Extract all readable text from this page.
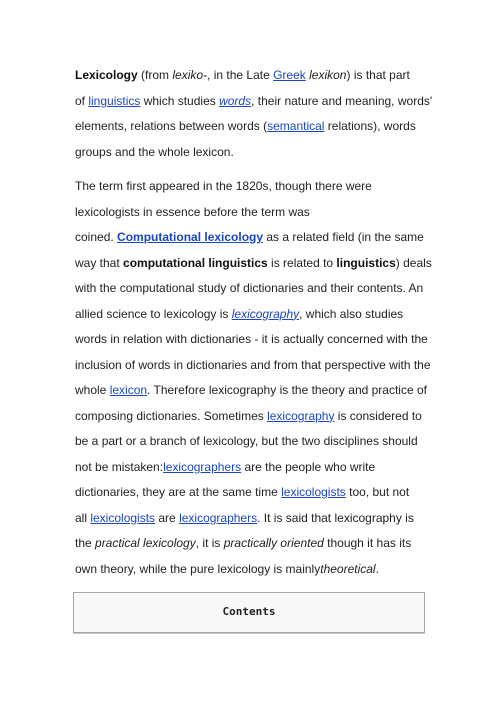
Lexicology (from lexiko-, in the Late Greek lexikon) is that part
of linguistics which studies words, their nature and meaning, words'
elements, relations between words (semantical relations), words
groups and the whole lexicon.

The term first appeared in the 1820s, though there were
lexicologists in essence before the term was
coined. Computational lexicology as a related field (in the same
way that computational linguistics is related to linguistics) deals
with the computational study of dictionaries and their contents. An
allied science to lexicology is lexicography, which also studies
words in relation with dictionaries - it is actually concerned with the
inclusion of words in dictionaries and from that perspective with the
whole lexicon. Therefore lexicography is the theory and practice of
composing dictionaries. Sometimes lexicography is considered to
be a part or a branch of lexicology, but the two disciplines should
not be mistaken:lexicographers are the people who write
dictionaries, they are at the same time lexicologists too, but not
all lexicologists are lexicographers. It is said that lexicography is
the practical lexicology, it is practically oriented though it has its
own theory, while the pure lexicology is mainlytheoretical.

Contents
